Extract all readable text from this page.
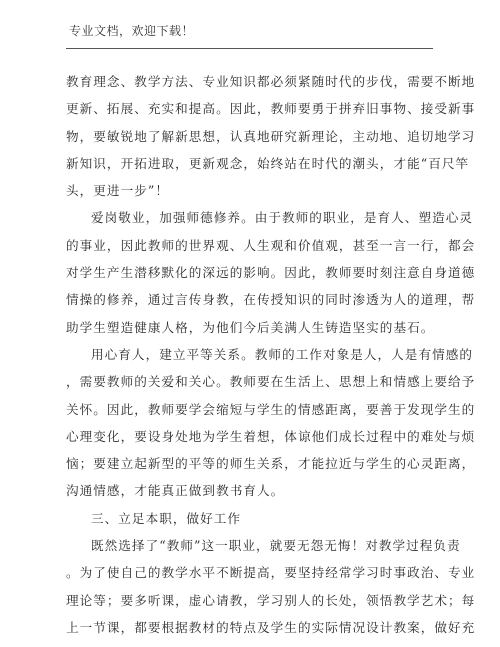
专业文档，欢迎下载！
教育理念、教学方法、专业知识都必须紧随时代的步伐，需要不断地
更新、拓展、充实和提高。因此，教师要勇于拼弃旧事物、接受新事
物，要敏锐地了解新思想，认真地研究新理论，主动地、追切地学习
新知识，开拓进取，更新观念，始终站在时代的潮头，才能“百尺竿
头，更进一步”！
爱岗敬业，加强师德修养。由于教师的职业，是育人、塑造心灵
的事业，因此教师的世界观、人生观和价值观，甚至一言一行，都会
对学生产生潜移默化的深远的影响。因此，教师要时刻注意自身道德
情操的修养，通过言传身教，在传授知识的同时渗透为人的道理，帮
助学生塑造健康人格，为他们今后美满人生铸造坚实的基石。
用心育人，建立平等关系。教师的工作对象是人，人是有情感的
，需要教师的关爱和关心。教师要在生活上、思想上和情感上要给予
关怀。因此，教师要学会缩短与学生的情感距离，要善于发现学生的
心理变化，要设身处地为学生着想，体谅他们成长过程中的难处与烦
恼；要建立起新型的平等的师生关系，才能拉近与学生的心灵距离，
沟通情感，才能真正做到教书育人。
三、立足本职，做好工作
既然选择了“教师”这一职业，就要无怨无悔！对教学过程负责
。为了使自己的教学水平不断提高，要坚持经常学习时事政治、专业
理论等；要多听课，虚心请教，学习别人的长处，领悟教学艺术；每
上一节课，都要根据教材的特点及学生的实际情况设计教案，做好充
